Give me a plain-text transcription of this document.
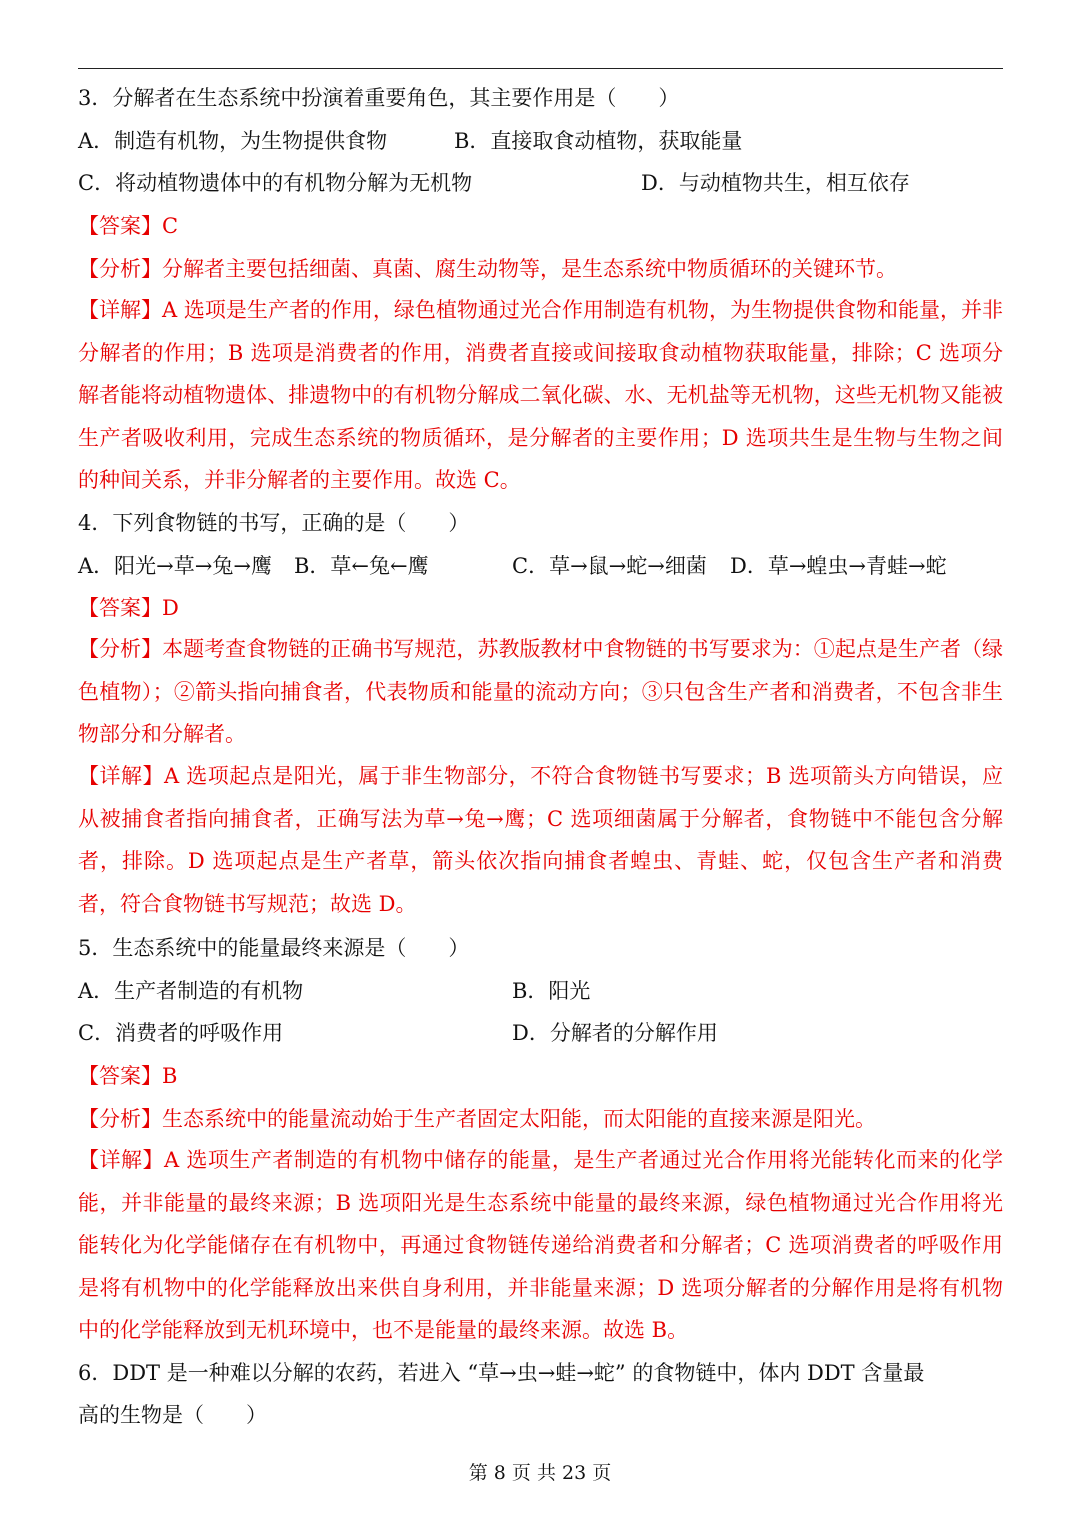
3．分解者在生态系统中扮演着重要角色，其主要作用是（　　）
A．制造有机物，为生物提供食物	B．直接取食动植物，获取能量
C．将动植物遗体中的有机物分解为无机物	D．与动植物共生，相互依存
【答案】C
【分析】分解者主要包括细菌、真菌、腐生动物等，是生态系统中物质循环的关键环节。
【详解】A 选项是生产者的作用，绿色植物通过光合作用制造有机物，为生物提供食物和能量，并非分解者的作用；B 选项是消费者的作用，消费者直接或间接取食动植物获取能量，排除；C 选项分解者能将动植物遗体、排遗物中的有机物分解成二氧化碳、水、无机盐等无机物，这些无机物又能被生产者吸收利用，完成生态系统的物质循环，是分解者的主要作用；D 选项共生是生物与生物之间的种间关系，并非分解者的主要作用。故选 C。
4．下列食物链的书写，正确的是（　　）
A．阳光→草→兔→鹰 B．草←兔←鹰	C．草→鼠→蛇→细菌 D．草→蝗虫→青蛙→蛇
【答案】D
【分析】本题考查食物链的正确书写规范，苏教版教材中食物链的书写要求为：①起点是生产者（绿色植物）；②箭头指向捕食者，代表物质和能量的流动方向；③只包含生产者和消费者，不包含非生物部分和分解者。
【详解】A 选项起点是阳光，属于非生物部分，不符合食物链书写要求；B 选项箭头方向错误，应从被捕食者指向捕食者，正确写法为草→兔→鹰；C 选项细菌属于分解者，食物链中不能包含分解者，排除。D 选项起点是生产者草，箭头依次指向捕食者蝗虫、青蛙、蛇，仅包含生产者和消费者，符合食物链书写规范；故选 D。
5．生态系统中的能量最终来源是（　　）
A．生产者制造的有机物	B．阳光
C．消费者的呼吸作用	D．分解者的分解作用
【答案】B
【分析】生态系统中的能量流动始于生产者固定太阳能，而太阳能的直接来源是阳光。
【详解】A 选项生产者制造的有机物中储存的能量，是生产者通过光合作用将光能转化而来的化学能，并非能量的最终来源；B 选项阳光是生态系统中能量的最终来源，绿色植物通过光合作用将光能转化为化学能储存在有机物中，再通过食物链传递给消费者和分解者；C 选项消费者的呼吸作用是将有机物中的化学能释放出来供自身利用，并非能量来源；D 选项分解者的分解作用是将有机物中的化学能释放到无机环境中，也不是能量的最终来源。故选 B。
6．DDT 是一种难以分解的农药，若进入 “草→虫→蛙→蛇” 的食物链中，体内 DDT 含量最
高的生物是（　　）
第 8 页 共 23 页
